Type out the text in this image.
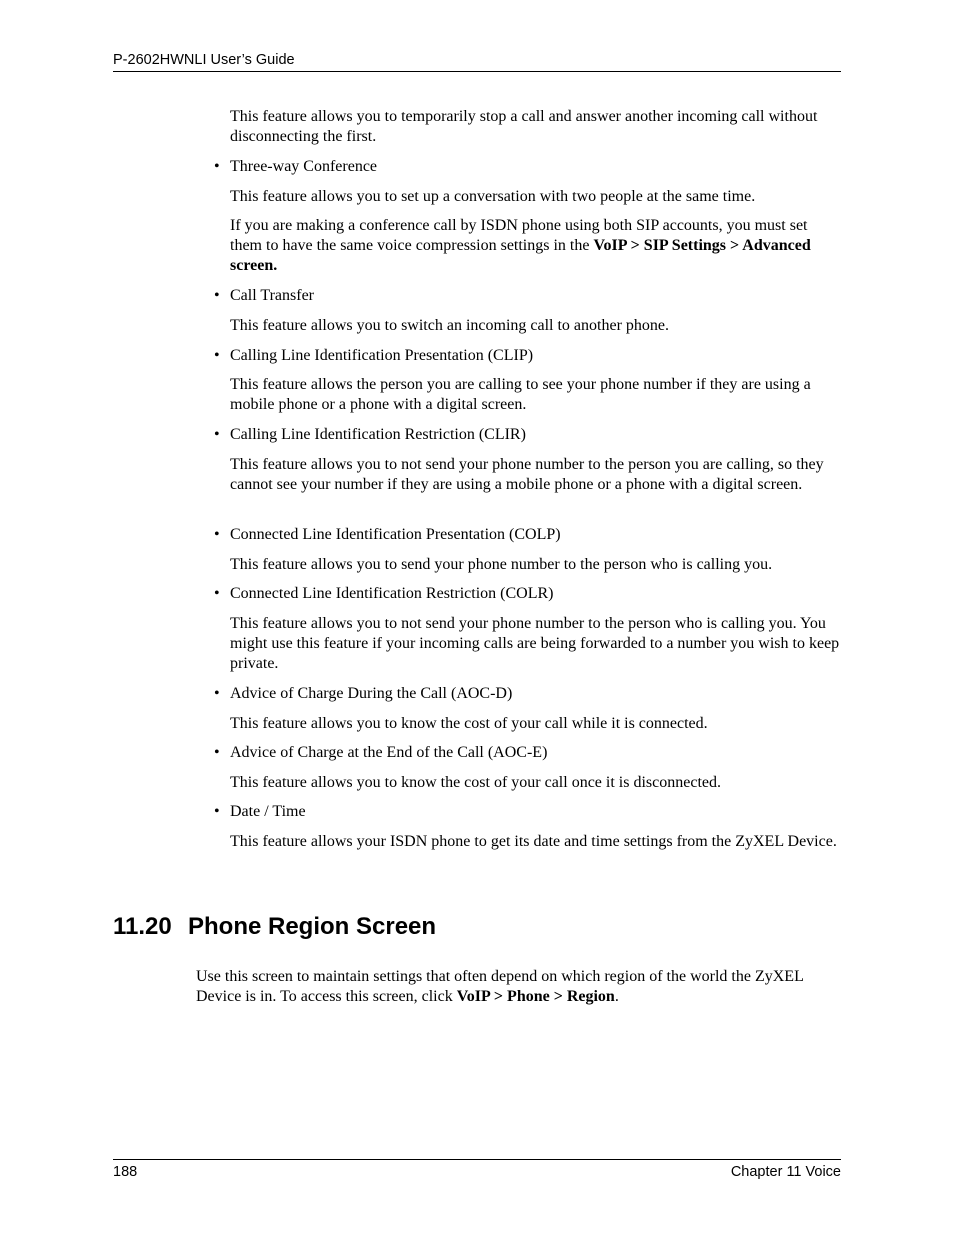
P-2602HWNLI User’s Guide
This feature allows you to temporarily stop a call and answer another incoming call without disconnecting the first.
• Three-way Conference
This feature allows you to set up a conversation with two people at the same time.
If you are making a conference call by ISDN phone using both SIP accounts, you must set them to have the same voice compression settings in the VoIP > SIP Settings > Advanced screen.
• Call Transfer
This feature allows you to switch an incoming call to another phone.
• Calling Line Identification Presentation (CLIP)
This feature allows the person you are calling to see your phone number if they are using a mobile phone or a phone with a digital screen.
• Calling Line Identification Restriction (CLIR)
This feature allows you to not send your phone number to the person you are calling, so they cannot see your number if they are using a mobile phone or a phone with a digital screen.
• Connected Line Identification Presentation (COLP)
This feature allows you to send your phone number to the person who is calling you.
• Connected Line Identification Restriction (COLR)
This feature allows you to not send your phone number to the person who is calling you. You might use this feature if your incoming calls are being forwarded to a number you wish to keep private.
• Advice of Charge During the Call (AOC-D)
This feature allows you to know the cost of your call while it is connected.
• Advice of Charge at the End of the Call (AOC-E)
This feature allows you to know the cost of your call once it is disconnected.
• Date / Time
This feature allows your ISDN phone to get its date and time settings from the ZyXEL Device.
11.20 Phone Region Screen
Use this screen to maintain settings that often depend on which region of the world the ZyXEL Device is in. To access this screen, click VoIP > Phone > Region.
188	Chapter 11 Voice
